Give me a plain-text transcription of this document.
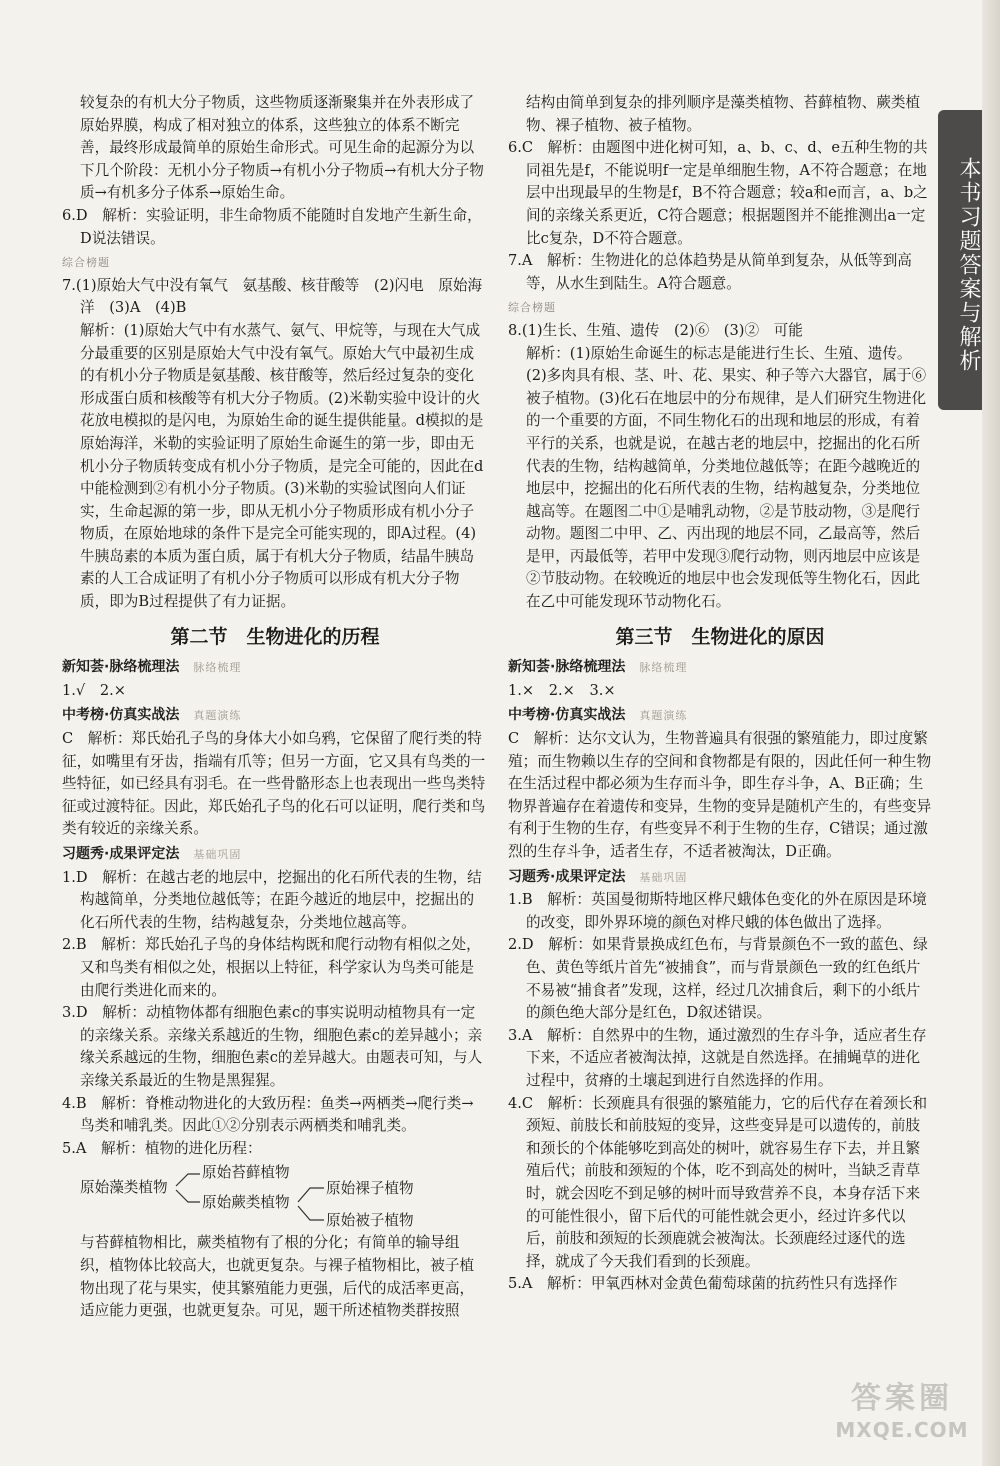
较复杂的有机大分子物质，这些物质逐渐聚集并在外表形成了原始界膜，构成了相对独立的体系，这些独立的体系不断完善，最终形成最简单的原始生命形式。可见生命的起源分为以下几个阶段：无机小分子物质→有机小分子物质→有机大分子物质→有机多分子体系→原始生命。

6.D　解析：实验证明，非生命物质不能随时自发地产生新生命，D说法错误。

综合榜题

7.(1)原始大气中没有氧气　氨基酸、核苷酸等　(2)闪电　原始海洋　(3)A　(4)B

解析：(1)原始大气中有水蒸气、氨气、甲烷等，与现在大气成分最重要的区别是原始大气中没有氧气。原始大气中最初生成的有机小分子物质是氨基酸、核苷酸等，然后经过复杂的变化形成蛋白质和核酸等有机大分子物质。(2)米勒实验中设计的火花放电模拟的是闪电，为原始生命的诞生提供能量。d模拟的是原始海洋，米勒的实验证明了原始生命诞生的第一步，即由无机小分子物质转变成有机小分子物质，是完全可能的，因此在d中能检测到②有机小分子物质。(3)米勒的实验试图向人们证实，生命起源的第一步，即从无机小分子物质形成有机小分子物质，在原始地球的条件下是完全可能实现的，即A过程。(4)牛胰岛素的本质为蛋白质，属于有机大分子物质，结晶牛胰岛素的人工合成证明了有机小分子物质可以形成有机大分子物质，即为B过程提供了有力证据。

第二节　生物进化的历程
新知荟·脉络梳理法 脉络梳理

1.√　2.×

中考榜·仿真实战法 真题演练

C　解析：郑氏始孔子鸟的身体大小如乌鸦，它保留了爬行类的特征，如嘴里有牙齿，指端有爪等；但另一方面，它又具有鸟类的一些特征，如已经具有羽毛。在一些骨骼形态上也表现出一些鸟类特征或过渡特征。因此，郑氏始孔子鸟的化石可以证明，爬行类和鸟类有较近的亲缘关系。

习题秀·成果评定法 基础巩固

1.D　解析：在越古老的地层中，挖掘出的化石所代表的生物，结构越简单，分类地位越低等；在距今越近的地层中，挖掘出的化石所代表的生物，结构越复杂，分类地位越高等。

2.B　解析：郑氏始孔子鸟的身体结构既和爬行动物有相似之处，又和鸟类有相似之处，根据以上特征，科学家认为鸟类可能是由爬行类进化而来的。

3.D　解析：动植物体都有细胞色素c的事实说明动植物具有一定的亲缘关系。亲缘关系越近的生物，细胞色素c的差异越小；亲缘关系越远的生物，细胞色素c的差异越大。由题表可知，与人亲缘关系最近的生物是黑猩猩。

4.B　解析：脊椎动物进化的大致历程：鱼类→两栖类→爬行类→鸟类和哺乳类。因此①②分别表示两栖类和哺乳类。

5.A　解析：植物的进化历程：

原始藻类植物
原始苔藓植物
原始蕨类植物
原始裸子植物
原始被子植物

与苔藓植物相比，蕨类植物有了根的分化；有简单的输导组织，植物体比较高大，也就更复杂。与裸子植物相比，被子植物出现了花与果实，使其繁殖能力更强，后代的成活率更高，适应能力更强，也就更复杂。可见，题干所述植物类群按照

结构由简单到复杂的排列顺序是藻类植物、苔藓植物、蕨类植物、裸子植物、被子植物。

6.C　解析：由题图中进化树可知，a、b、c、d、e五种生物的共同祖先是f，不能说明f一定是单细胞生物，A不符合题意；在地层中出现最早的生物是f，B不符合题意；较a和e而言，a、b之间的亲缘关系更近，C符合题意；根据题图并不能推测出a一定比c复杂，D不符合题意。

7.A　解析：生物进化的总体趋势是从简单到复杂，从低等到高等，从水生到陆生。A符合题意。

综合榜题

8.(1)生长、生殖、遗传　(2)⑥　(3)②　可能

解析：(1)原始生命诞生的标志是能进行生长、生殖、遗传。(2)多肉具有根、茎、叶、花、果实、种子等六大器官，属于⑥被子植物。(3)化石在地层中的分布规律，是人们研究生物进化的一个重要的方面，不同生物化石的出现和地层的形成，有着平行的关系，也就是说，在越古老的地层中，挖掘出的化石所代表的生物，结构越简单，分类地位越低等；在距今越晚近的地层中，挖掘出的化石所代表的生物，结构越复杂，分类地位越高等。在题图二中①是哺乳动物，②是节肢动物，③是爬行动物。题图二中甲、乙、丙出现的地层不同，乙最高等，然后是甲，丙最低等，若甲中发现③爬行动物，则丙地层中应该是②节肢动物。在较晚近的地层中也会发现低等生物化石，因此在乙中可能发现环节动物化石。

第三节　生物进化的原因
新知荟·脉络梳理法 脉络梳理

1.×　2.×　3.×

中考榜·仿真实战法 真题演练

C　解析：达尔文认为，生物普遍具有很强的繁殖能力，即过度繁殖；而生物赖以生存的空间和食物都是有限的，因此任何一种生物在生活过程中都必须为生存而斗争，即生存斗争，A、B正确；生物界普遍存在着遗传和变异，生物的变异是随机产生的，有些变异有利于生物的生存，有些变异不利于生物的生存，C错误；通过激烈的生存斗争，适者生存，不适者被淘汰，D正确。

习题秀·成果评定法 基础巩固

1.B　解析：英国曼彻斯特地区桦尺蛾体色变化的外在原因是环境的改变，即外界环境的颜色对桦尺蛾的体色做出了选择。

2.D　解析：如果背景换成红色布，与背景颜色不一致的蓝色、绿色、黄色等纸片首先“被捕食”，而与背景颜色一致的红色纸片不易被“捕食者”发现，这样，经过几次捕食后，剩下的小纸片的颜色绝大部分是红色，D叙述错误。

3.A　解析：自然界中的生物，通过激烈的生存斗争，适应者生存下来，不适应者被淘汰掉，这就是自然选择。在捕蝇草的进化过程中，贫瘠的土壤起到进行自然选择的作用。

4.C　解析：长颈鹿具有很强的繁殖能力，它的后代存在着颈长和颈短、前肢长和前肢短的变异，这些变异是可以遗传的，前肢和颈长的个体能够吃到高处的树叶，就容易生存下去，并且繁殖后代；前肢和颈短的个体，吃不到高处的树叶，当缺乏青草时，就会因吃不到足够的树叶而导致营养不良，本身存活下来的可能性很小，留下后代的可能性就会更小，经过许多代以后，前肢和颈短的长颈鹿就会被淘汰。长颈鹿经过逐代的选择，就成了今天我们看到的长颈鹿。

5.A　解析：甲氧西林对金黄色葡萄球菌的抗药性只有选择作

本书习题答案与解析
答案圈
MXQE.COM
